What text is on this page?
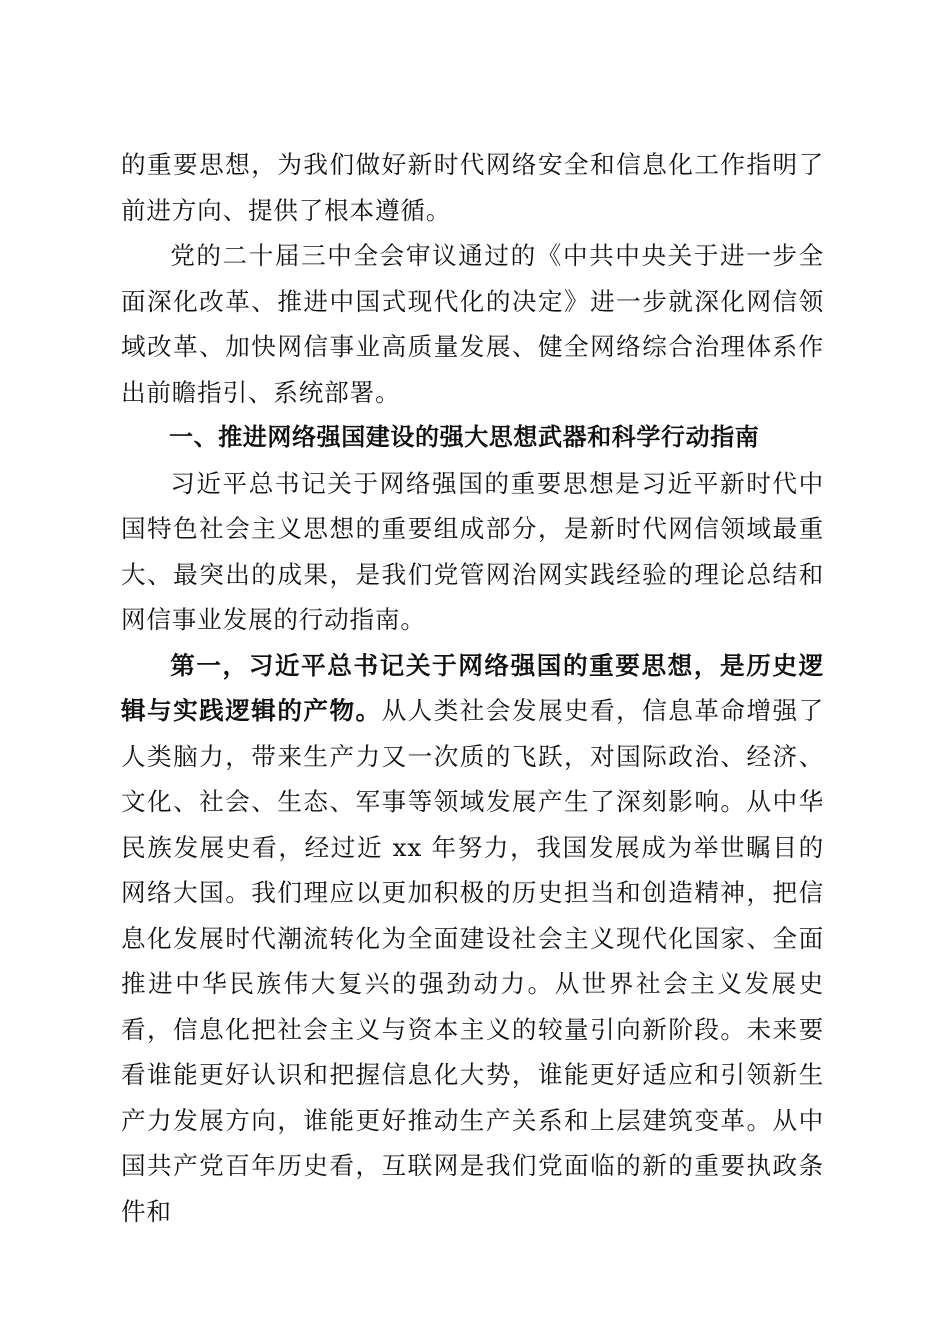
的重要思想，为我们做好新时代网络安全和信息化工作指明了前进方向、提供了根本遵循。

党的二十届三中全会审议通过的《中共中央关于进一步全面深化改革、推进中国式现代化的决定》进一步就深化网信领域改革、加快网信事业高质量发展、健全网络综合治理体系作出前瞻指引、系统部署。

一、推进网络强国建设的强大思想武器和科学行动指南

习近平总书记关于网络强国的重要思想是习近平新时代中国特色社会主义思想的重要组成部分，是新时代网信领域最重大、最突出的成果，是我们党管网治网实践经验的理论总结和网信事业发展的行动指南。

第一，习近平总书记关于网络强国的重要思想，是历史逻辑与实践逻辑的产物。从人类社会发展史看，信息革命增强了人类脑力，带来生产力又一次质的飞跃，对国际政治、经济、文化、社会、生态、军事等领域发展产生了深刻影响。从中华民族发展史看，经过近 xx 年努力，我国发展成为举世瞩目的网络大国。我们理应以更加积极的历史担当和创造精神，把信息化发展时代潮流转化为全面建设社会主义现代化国家、全面推进中华民族伟大复兴的强劲动力。从世界社会主义发展史看，信息化把社会主义与资本主义的较量引向新阶段。未来要看谁能更好认识和把握信息化大势，谁能更好适应和引领新生产力发展方向，谁能更好推动生产关系和上层建筑变革。从中国共产党百年历史看，互联网是我们党面临的新的重要执政条件和
